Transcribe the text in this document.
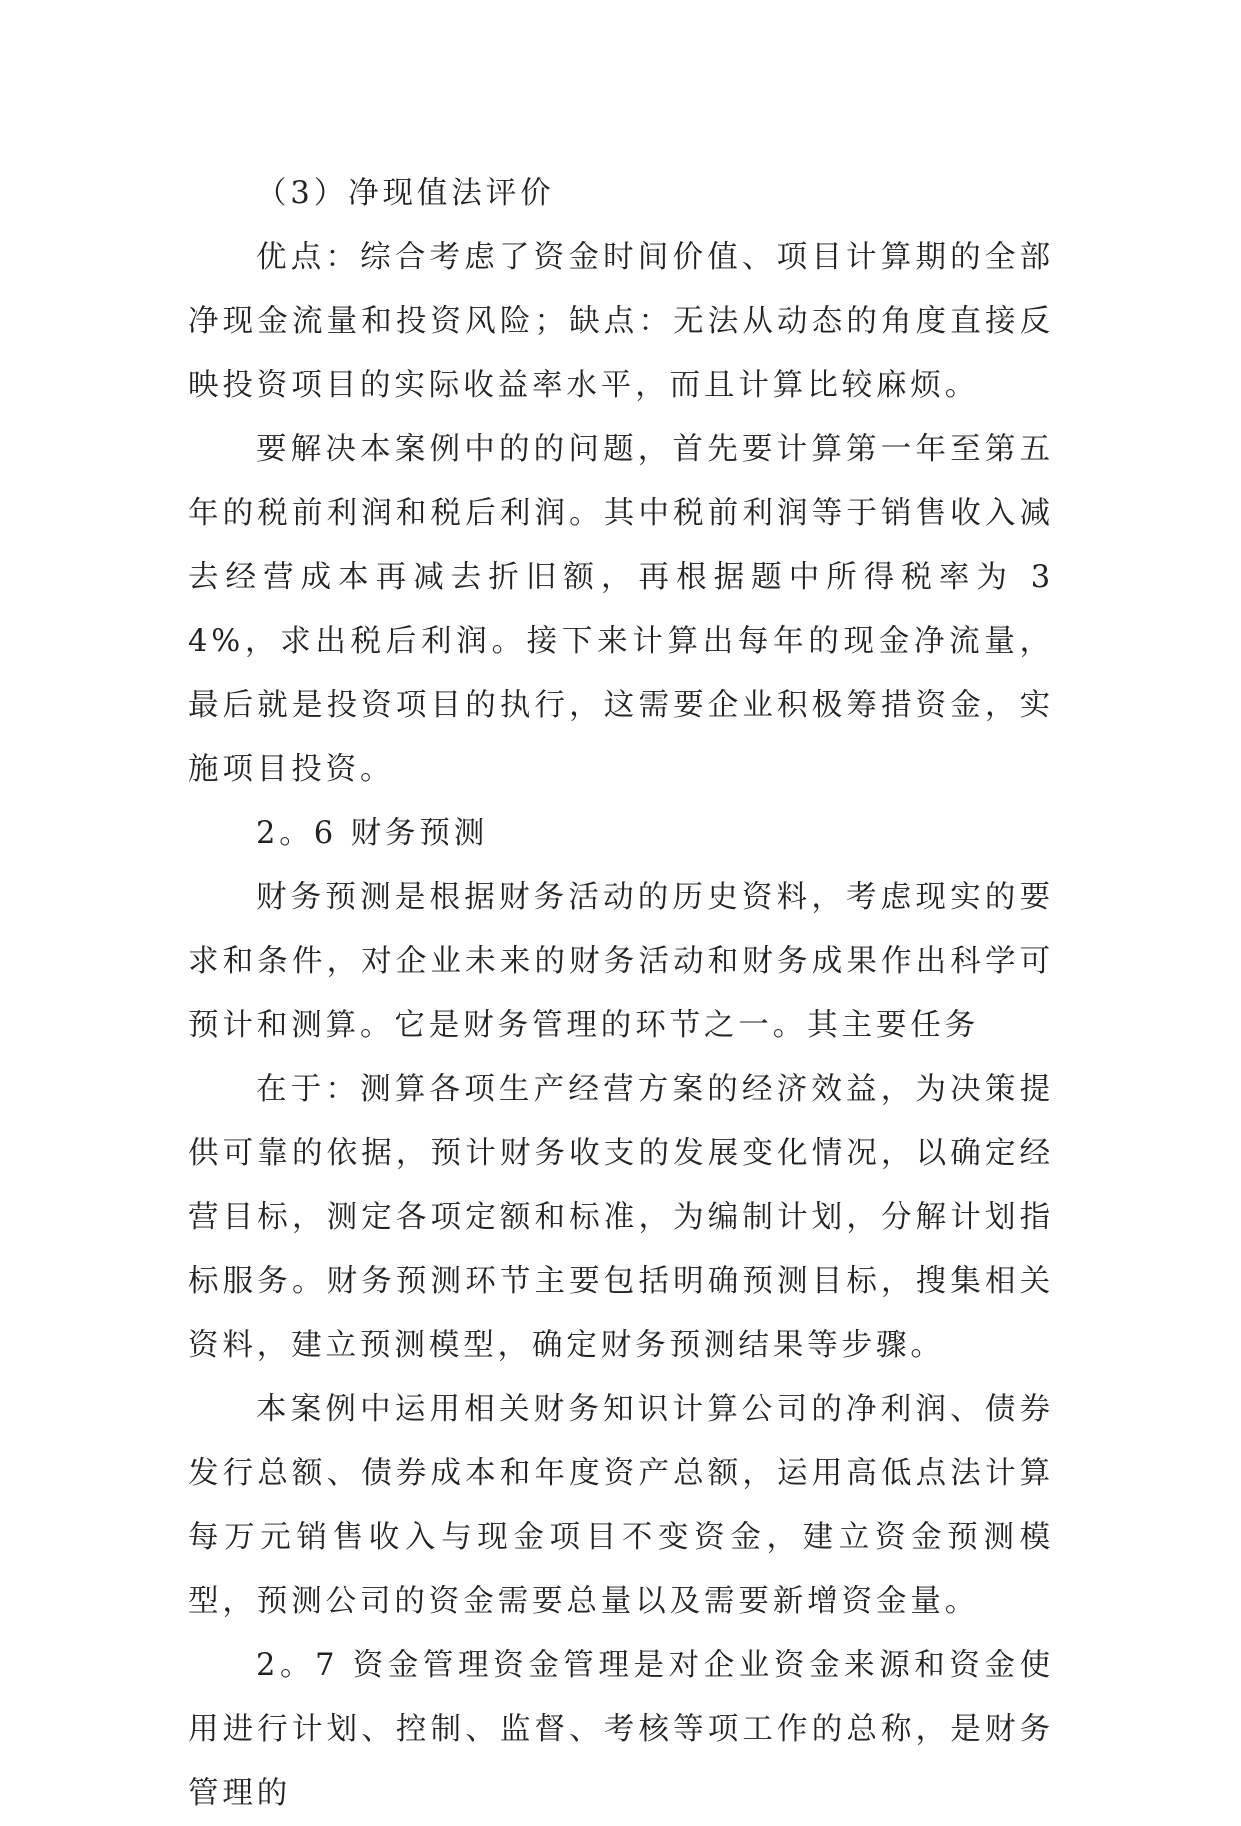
（3）净现值法评价

优点：综合考虑了资金时间价值、项目计算期的全部净现金流量和投资风险；缺点：无法从动态的角度直接反映投资项目的实际收益率水平，而且计算比较麻烦。

要解决本案例中的的问题，首先要计算第一年至第五年的税前利润和税后利润。其中税前利润等于销售收入减去经营成本再减去折旧额，再根据题中所得税率为 34%，求出税后利润。接下来计算出每年的现金净流量，最后就是投资项目的执行，这需要企业积极筹措资金，实施项目投资。

2。6 财务预测

财务预测是根据财务活动的历史资料，考虑现实的要求和条件，对企业未来的财务活动和财务成果作出科学可预计和测算。它是财务管理的环节之一。其主要任务

在于：测算各项生产经营方案的经济效益，为决策提供可靠的依据，预计财务收支的发展变化情况，以确定经营目标，测定各项定额和标准，为编制计划，分解计划指标服务。财务预测环节主要包括明确预测目标，搜集相关资料，建立预测模型，确定财务预测结果等步骤。

本案例中运用相关财务知识计算公司的净利润、债券发行总额、债券成本和年度资产总额，运用高低点法计算每万元销售收入与现金项目不变资金，建立资金预测模型，预测公司的资金需要总量以及需要新增资金量。

2。7 资金管理资金管理是对企业资金来源和资金使用进行计划、控制、监督、考核等项工作的总称，是财务管理的
